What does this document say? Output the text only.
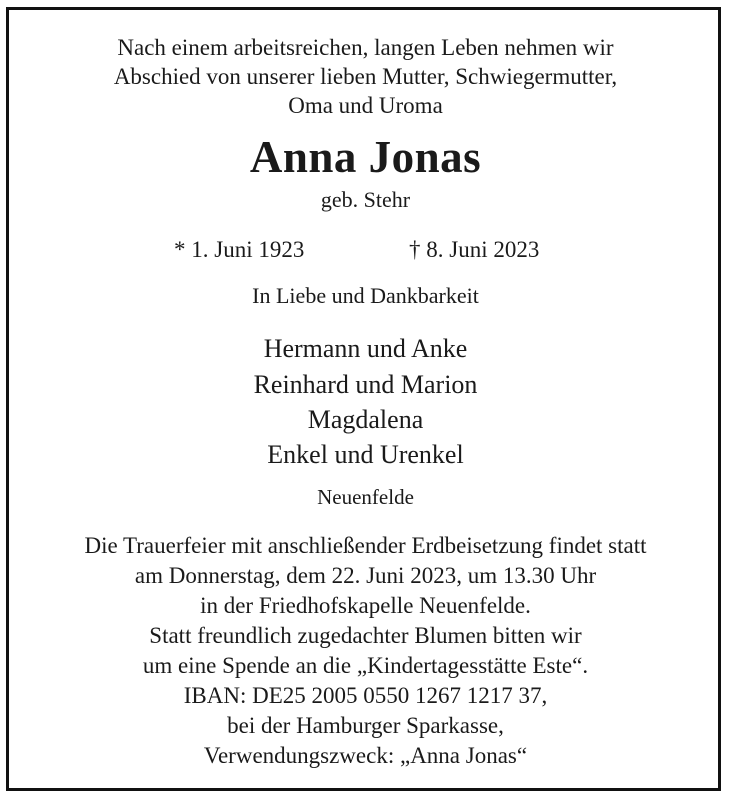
Nach einem arbeitsreichen, langen Leben nehmen wir
Abschied von unserer lieben Mutter, Schwiegermutter,
Oma und Uroma
Anna Jonas
geb. Stehr
* 1. Juni 1923	† 8. Juni 2023
In Liebe und Dankbarkeit
Hermann und Anke
Reinhard und Marion
Magdalena
Enkel und Urenkel
Neuenfelde
Die Trauerfeier mit anschließender Erdbeisetzung findet statt
am Donnerstag, dem 22. Juni 2023, um 13.30 Uhr
in der Friedhofskapelle Neuenfelde.
Statt freundlich zugedachter Blumen bitten wir
um eine Spende an die „Kindertagesstätte Este“.
IBAN: DE25 2005 0550 1267 1217 37,
bei der Hamburger Sparkasse,
Verwendungszweck: „Anna Jonas“
